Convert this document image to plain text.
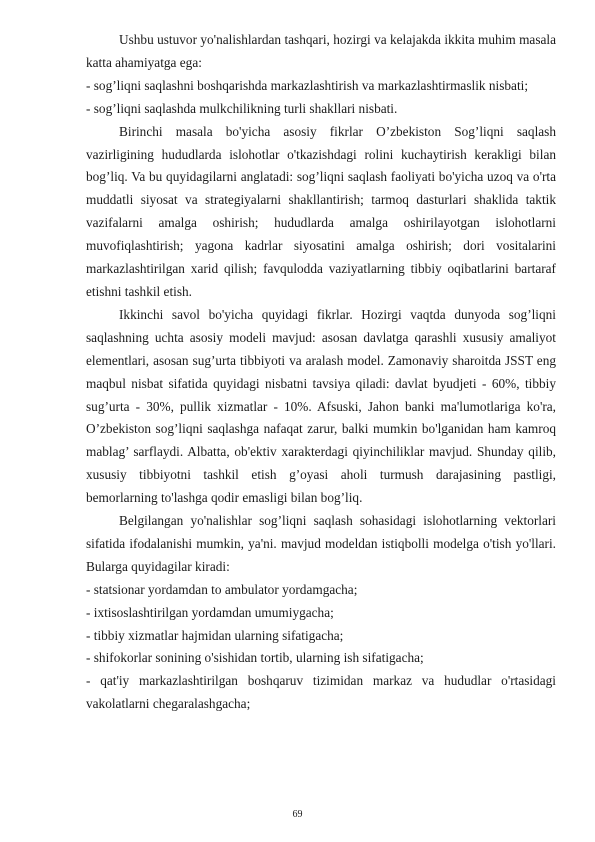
Ushbu ustuvor yo'nalishlardan tashqari, hozirgi va kelajakda ikkita muhim masala katta ahamiyatga ega:

- sog’liqni saqlashni boshqarishda markazlashtirish va markazlashtirmaslik nisbati;

- sog’liqni saqlashda mulkchilikning turli shakllari nisbati.

Birinchi masala bo'yicha asosiy fikrlar O’zbekiston Sog’liqni saqlash vazirligining hududlarda islohotlar o'tkazishdagi rolini kuchaytirish kerakligi bilan bog’liq. Va bu quyidagilarni anglatadi: sog’liqni saqlash faoliyati bo'yicha uzoq va o'rta muddatli siyosat va strategiyalarni shakllantirish; tarmoq dasturlari shaklida taktik vazifalarni amalga oshirish; hududlarda amalga oshirilayotgan islohotlarni muvofiqlashtirish; yagona kadrlar siyosatini amalga oshirish; dori vositalarini markazlashtirilgan xarid qilish; favqulodda vaziyatlarning tibbiy oqibatlarini bartaraf etishni tashkil etish.

Ikkinchi savol bo'yicha quyidagi fikrlar. Hozirgi vaqtda dunyoda sog’liqni saqlashning uchta asosiy modeli mavjud: asosan davlatga qarashli xususiy amaliyot elementlari, asosan sug’urta tibbiyoti va aralash model. Zamonaviy sharoitda JSST eng maqbul nisbat sifatida quyidagi nisbatni tavsiya qiladi: davlat byudjeti - 60%, tibbiy sug’urta - 30%, pullik xizmatlar - 10%. Afsuski, Jahon banki ma'lumotlariga ko'ra, O’zbekiston sog’liqni saqlashga nafaqat zarur, balki mumkin bo'lganidan ham kamroq mablag’ sarflaydi. Albatta, ob'ektiv xarakterdagi qiyinchiliklar mavjud. Shunday qilib, xususiy tibbiyotni tashkil etish g’oyasi aholi turmush darajasining pastligi, bemorlarning to'lashga qodir emasligi bilan bog’liq.

Belgilangan yo'nalishlar sog’liqni saqlash sohasidagi islohotlarning vektorlari sifatida ifodalanishi mumkin, ya'ni. mavjud modeldan istiqbolli modelga o'tish yo'llari. Bularga quyidagilar kiradi:

- statsionar yordamdan to ambulator yordamgacha;

- ixtisoslashtirilgan yordamdan umumiygacha;

- tibbiy xizmatlar hajmidan ularning sifatigacha;

- shifokorlar sonining o'sishidan tortib, ularning ish sifatigacha;

- qat'iy markazlashtirilgan boshqaruv tizimidan markaz va hududlar o'rtasidagi vakolatlarni chegaralashgacha;

69
